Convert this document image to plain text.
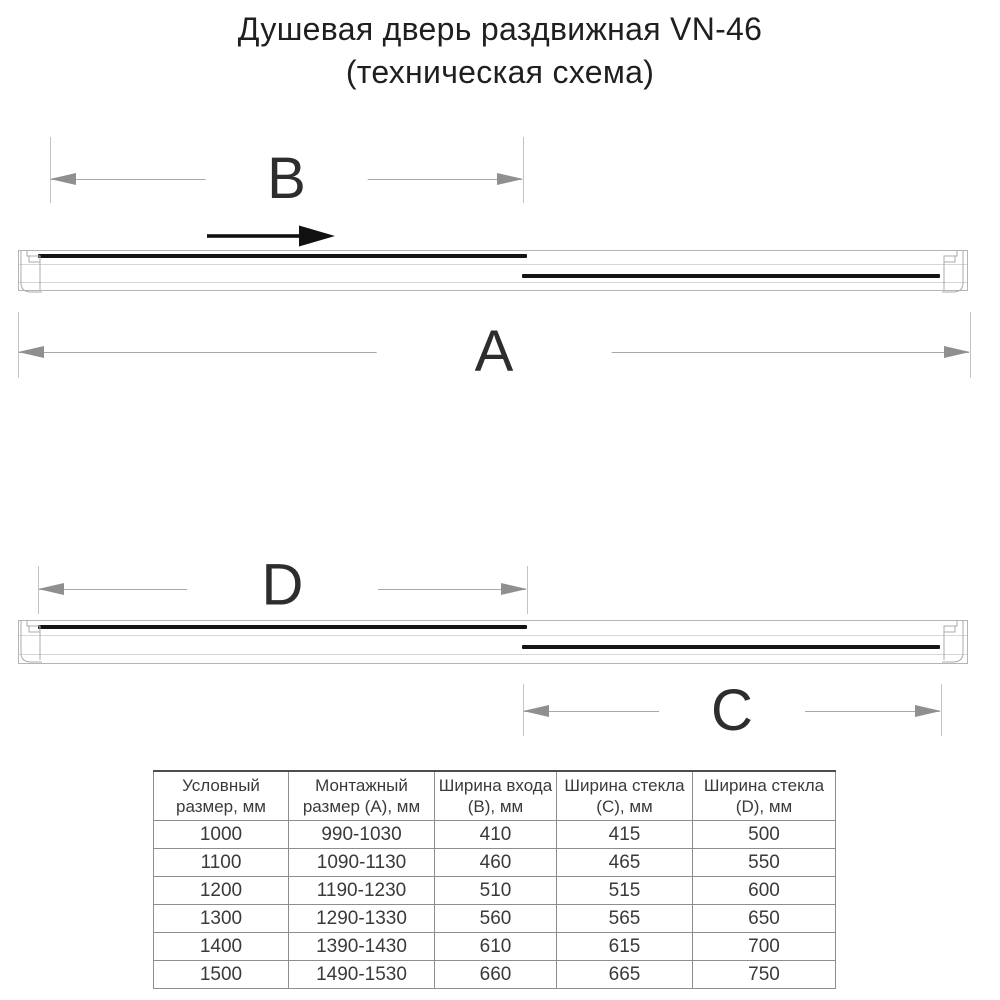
Душевая дверь раздвижная VN-46
(техническая схема)
B
A
D
C
Условный размер, мм	Монтажный размер (А), мм	Ширина входа (B), мм	Ширина стекла (C), мм	Ширина стекла (D), мм
1000	990-1030	410	415	500
1100	1090-1130	460	465	550
1200	1190-1230	510	515	600
1300	1290-1330	560	565	650
1400	1390-1430	610	615	700
1500	1490-1530	660	665	750
